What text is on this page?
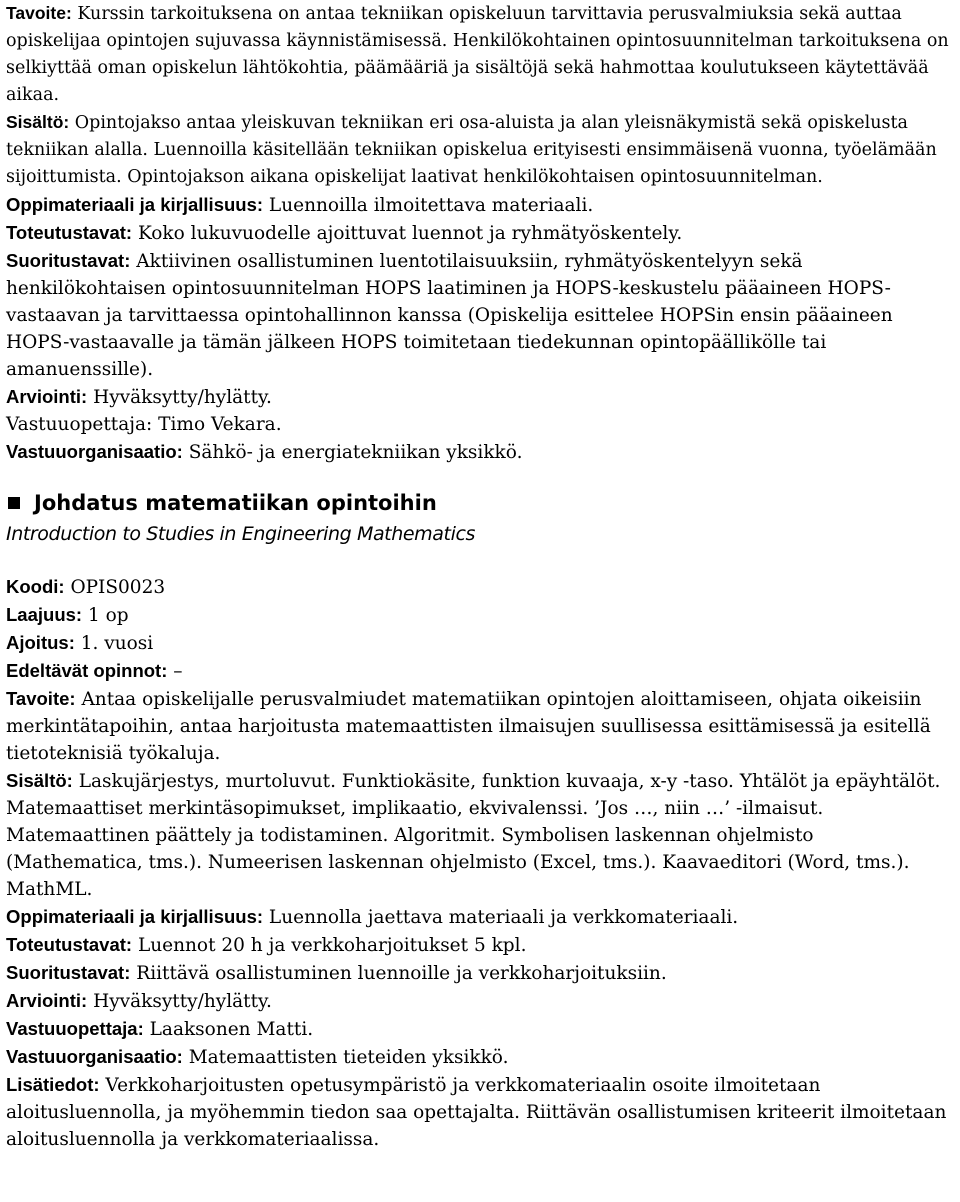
Tavoite: Kurssin tarkoituksena on antaa tekniikan opiskeluun tarvittavia perusvalmiuksia sekä auttaa opiskelijaa opintojen sujuvassa käynnistämisessä. Henkilökohtainen opintosuunnitelman tarkoituksena on selkiyttää oman opiskelun lähtökohtia, päämääriä ja sisältöjä sekä hahmottaa koulutukseen käytettävää aikaa.

Sisältö: Opintojakso antaa yleiskuvan tekniikan eri osa-aluista ja alan yleisnäkymistä sekä opiskelusta tekniikan alalla. Luennoilla käsitellään tekniikan opiskelua erityisesti ensimmäisenä vuonna, työelämään sijoittumista. Opintojakson aikana opiskelijat laativat henkilökohtaisen opintosuunnitelman.

Oppimateriaali ja kirjallisuus: Luennoilla ilmoitettava materiaali.

Toteutustavat: Koko lukuvuodelle ajoittuvat luennot ja ryhmätyöskentely.

Suoritustavat: Aktiivinen osallistuminen luentotilaisuuksiin, ryhmätyöskentelyyn sekä henkilökohtaisen opintosuunnitelman HOPS laatiminen ja HOPS-keskustelu pääaineen HOPS-vastaavan ja tarvittaessa opintohallinnon kanssa (Opiskelija esittelee HOPSin ensin pääaineen HOPS-vastaavalle ja tämän jälkeen HOPS toimitetaan tiedekunnan opintopäällikölle tai amanuenssille).

Arviointi: Hyväksytty/hylätty.

Vastuuopettaja: Timo Vekara.

Vastuuorganisaatio: Sähkö- ja energiatekniikan yksikkö.

Johdatus matematiikan opintoihin

Introduction to Studies in Engineering Mathematics

Koodi: OPIS0023

Laajuus: 1 op

Ajoitus: 1. vuosi

Edeltävät opinnot: –

Tavoite: Antaa opiskelijalle perusvalmiudet matematiikan opintojen aloittamiseen, ohjata oikeisiin merkintätapoihin, antaa harjoitusta matemaattisten ilmaisujen suullisessa esittämisessä ja esitellä tietoteknisiä työkaluja.

Sisältö: Laskujärjestys, murtoluvut. Funktiokäsite, funktion kuvaaja, x-y -taso. Yhtälöt ja epäyhtälöt. Matemaattiset merkintäsopimukset, implikaatio, ekvivalenssi. ’Jos …, niin …’ -ilmaisut. Matemaattinen päättely ja todistaminen. Algoritmit. Symbolisen laskennan ohjelmisto (Mathematica, tms.). Numeerisen laskennan ohjelmisto (Excel, tms.). Kaavaeditori (Word, tms.). MathML.

Oppimateriaali ja kirjallisuus: Luennolla jaettava materiaali ja verkkomateriaali.

Toteutustavat: Luennot 20 h ja verkkoharjoitukset 5 kpl.

Suoritustavat: Riittävä osallistuminen luennoille ja verkkoharjoituksiin.

Arviointi: Hyväksytty/hylätty.

Vastuuopettaja: Laaksonen Matti.

Vastuuorganisaatio: Matemaattisten tieteiden yksikkö.

Lisätiedot: Verkkoharjoitusten opetusympäristö ja verkkomateriaalin osoite ilmoitetaan aloitusluennolla, ja myöhemmin tiedon saa opettajalta. Riittävän osallistumisen kriteerit ilmoitetaan aloitusluennolla ja verkkomateriaalissa.
